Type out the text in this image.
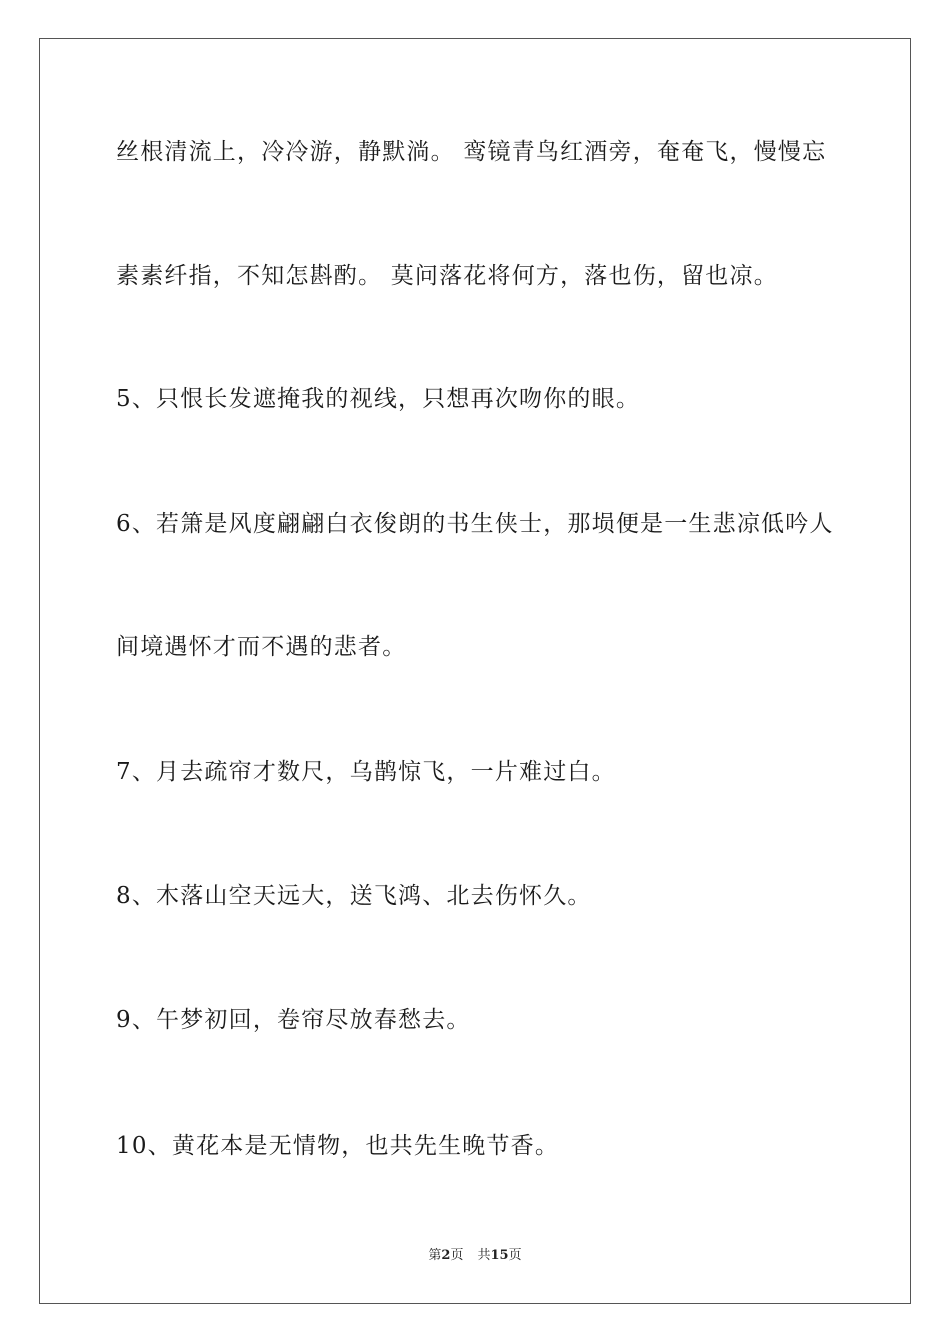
丝根清流上，冷冷游，静默淌。 鸾镜青鸟红酒旁，奄奄飞，慢慢忘

素素纤指，不知怎斟酌。 莫问落花将何方，落也伤，留也凉。

5、只恨长发遮掩我的视线，只想再次吻你的眼。

6、若箫是风度翩翩白衣俊朗的书生侠士，那埙便是一生悲凉低吟人

间境遇怀才而不遇的悲者。

7、月去疏帘才数尺，乌鹊惊飞，一片难过白。

8、木落山空天远大，送飞鸿、北去伤怀久。

9、午梦初回，卷帘尽放春愁去。

10、黄花本是无情物，也共先生晚节香。

第2页 共15页
